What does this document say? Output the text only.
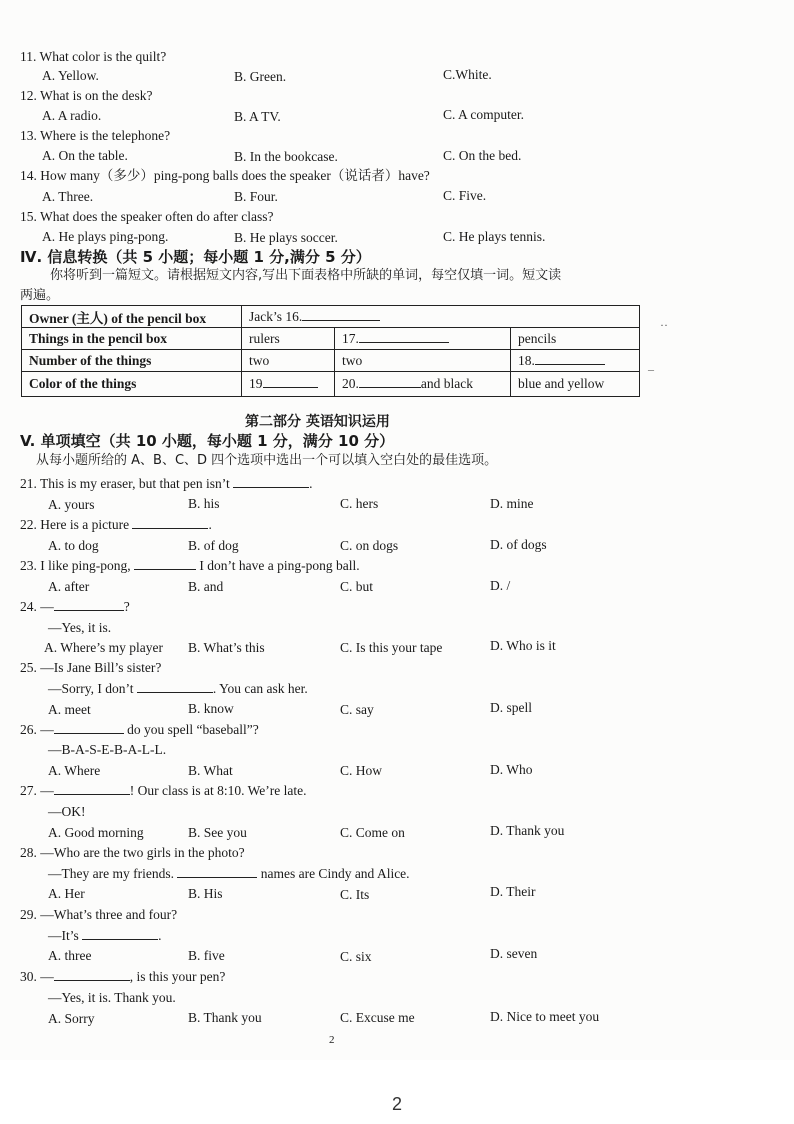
11. What color is the quilt?
A. Yellow.	B. Green.	C.White.
12. What is on the desk?
A. A radio.	B. A TV.	C. A computer.
13. Where is the telephone?
A. On the table.	B. In the bookcase.	C. On the bed.
14. How many（多少）ping-pong balls does the speaker（说话者）have?
A. Three.	B. Four.	C. Five.
15. What does the speaker often do after class?
A. He plays ping-pong.	B. He plays soccer.	C. He plays tennis.
Ⅳ. 信息转换（共 5 小题；每小题 1 分,满分 5 分）
你将听到一篇短文。请根据短文内容,写出下面表格中所缺的单词，每空仅填一词。短文读
两遍。
Owner (主人) of the pencil box	Jack’s 16.		
Things in the pencil box	rulers	17.	pencils
Number of the things	two	two	18.
Color of the things	19	20. and black	blue and yellow
··
–
第二部分 英语知识运用
V. 单项填空（共 10 小题，每小题 1 分，满分 10 分）
从每小题所给的 A、B、C、D 四个选项中选出一个可以填入空白处的最佳选项。
21. This is my eraser, but that pen isn’t	.
A. yours	B. his	C. hers	D. mine
22. Here is a picture	.
A. to dog	B. of dog	C. on dogs	D. of dogs
23. I like ping-pong,	I don’t have a ping-pong ball.
A. after	B. and	C. but	D. /
24. —	?
—Yes, it is.
A. Where’s my player B. What’s this	C. Is this your tape	D. Who is it
25. —Is Jane Bill’s sister?
—Sorry, I don’t	. You can ask her.
A. meet	B. know	C. say	D. spell
26. —	do you spell “baseball”?
—B-A-S-E-B-A-L-L.
A. Where	B. What	C. How	D. Who
27. —	! Our class is at 8:10. We’re late.
—OK!
A. Good morning	B. See you	C. Come on	D. Thank you
28. —Who are the two girls in the photo?
—They are my friends.	names are Cindy and Alice.
A. Her	B. His	C. Its	D. Their
29. —What’s three and four?
—It’s	.
A. three	B. five	C. six	D. seven
30. —	, is this your pen?
—Yes, it is. Thank you.
A. Sorry	B. Thank you	C. Excuse me	D. Nice to meet you
2
2
